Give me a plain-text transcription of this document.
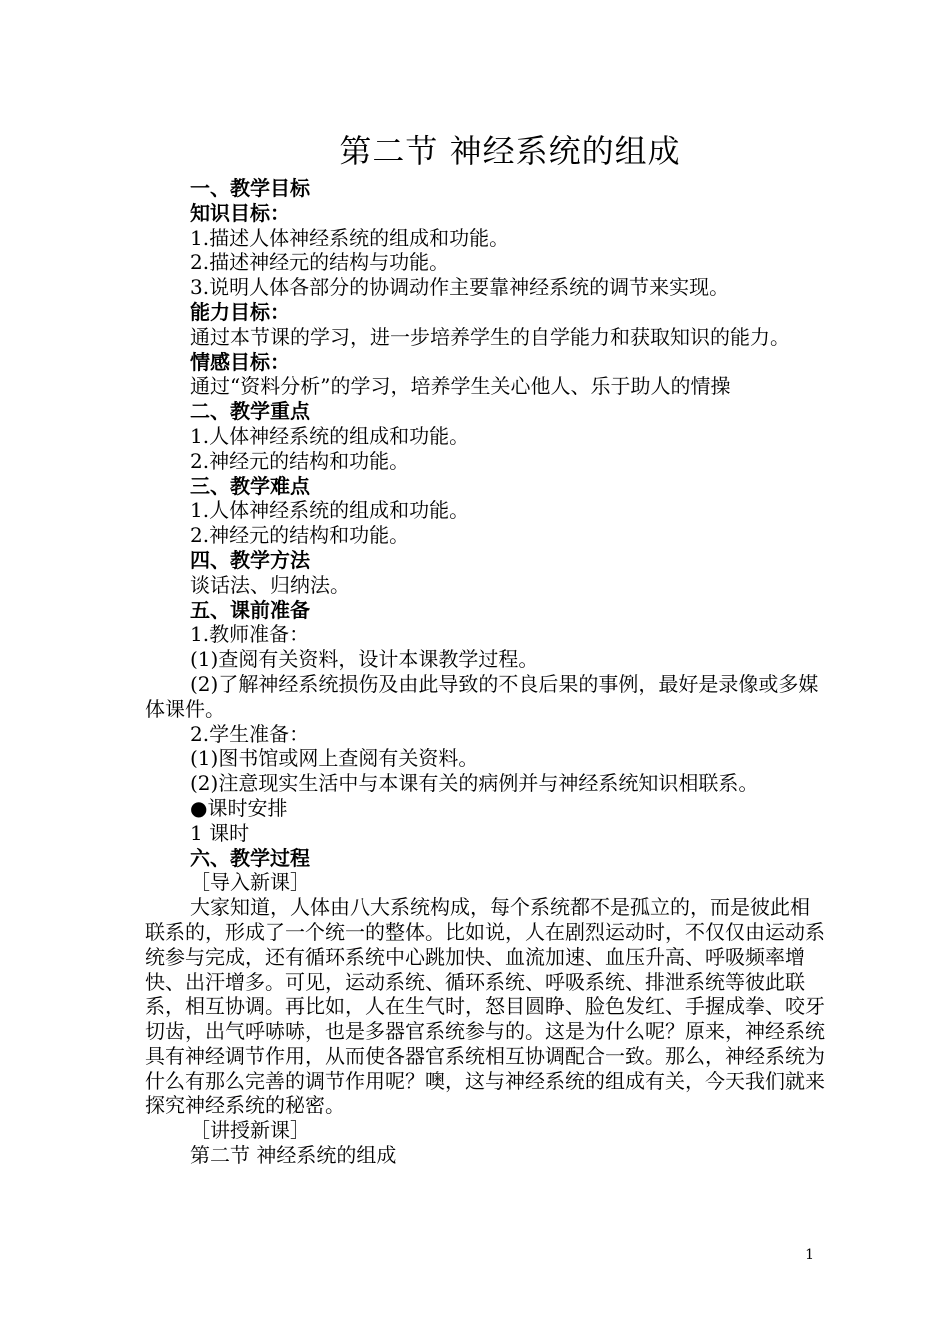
第二节 神经系统的组成

一、教学目标

知识目标：

1.描述人体神经系统的组成和功能。

2.描述神经元的结构与功能。

3.说明人体各部分的协调动作主要靠神经系统的调节来实现。

能力目标：

通过本节课的学习，进一步培养学生的自学能力和获取知识的能力。

情感目标：

通过“资料分析”的学习，培养学生关心他人、乐于助人的情操

二、教学重点

1.人体神经系统的组成和功能。

2.神经元的结构和功能。

三、教学难点

1.人体神经系统的组成和功能。

2.神经元的结构和功能。

四、教学方法

谈话法、归纳法。

五、课前准备

1.教师准备：

(1)查阅有关资料，设计本课教学过程。

(2)了解神经系统损伤及由此导致的不良后果的事例，最好是录像或多媒体课件。

2.学生准备：

(1)图书馆或网上查阅有关资料。

(2)注意现实生活中与本课有关的病例并与神经系统知识相联系。

●课时安排

1 课时

六、教学过程

［导入新课］

大家知道，人体由八大系统构成，每个系统都不是孤立的，而是彼此相联系的，形成了一个统一的整体。比如说，人在剧烈运动时，不仅仅由运动系统参与完成，还有循环系统中心跳加快、血流加速、血压升高、呼吸频率增快、出汗增多。可见，运动系统、循环系统、呼吸系统、排泄系统等彼此联系，相互协调。再比如，人在生气时，怒目圆睁、脸色发红、手握成拳、咬牙切齿，出气呼哧哧，也是多器官系统参与的。这是为什么呢？原来，神经系统具有神经调节作用，从而使各器官系统相互协调配合一致。那么，神经系统为什么有那么完善的调节作用呢？噢，这与神经系统的组成有关，今天我们就来探究神经系统的秘密。

［讲授新课］

第二节 神经系统的组成

1
